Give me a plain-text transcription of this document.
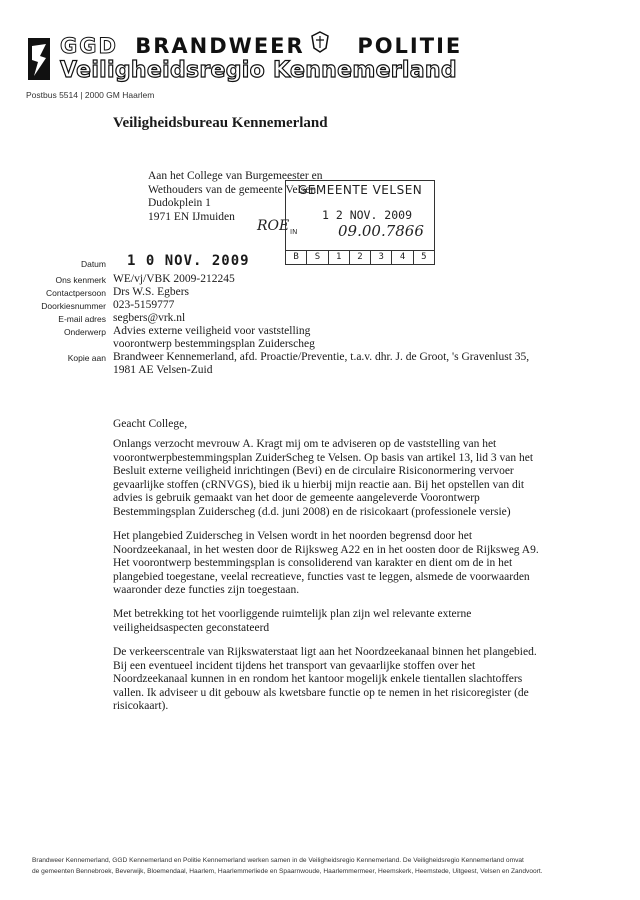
GGD BRANDWEER	POLITIE
Veiligheidsregio Kennemerland
Postbus 5514 | 2000 GM Haarlem
Veiligheidsbureau Kennemerland
Aan het College van Burgemeester en
Wethouders van de gemeente Velsen
Dudokplein 1
1971 EN IJmuiden
GEMEENTE VELSEN
1 2 NOV. 2009
IN	09.00.7866
B	S	1	2	3	4	5
ROE
Datum 1 0 NOV. 2009
Ons kenmerk WE/vj/VBK 2009-212245
Contactpersoon Drs W.S. Egbers
Doorkiesnummer 023-5159777
E-mail adres segbers@vrk.nl
Onderwerp Advies externe veiligheid voor vaststelling
voorontwerp bestemmingsplan Zuiderscheg
Kopie aan Brandweer Kennemerland, afd. Proactie/Preventie, t.a.v. dhr. J. de Groot, 's Gravenlust 35,
1981 AE Velsen-Zuid
Geacht College,
Onlangs verzocht mevrouw A. Kragt mij om te adviseren op de vaststelling van het
voorontwerpbestemmingsplan ZuiderScheg te Velsen. Op basis van artikel 13, lid 3 van het
Besluit externe veiligheid inrichtingen (Bevi) en de circulaire Risiconormering vervoer
gevaarlijke stoffen (cRNVGS), bied ik u hierbij mijn reactie aan. Bij het opstellen van dit
advies is gebruik gemaakt van het door de gemeente aangeleverde Voorontwerp
Bestemmingsplan Zuiderscheg (d.d. juni 2008) en de risicokaart (professionele versie)
Het plangebied Zuiderscheg in Velsen wordt in het noorden begrensd door het
Noordzeekanaal, in het westen door de Rijksweg A22 en in het oosten door de Rijksweg A9.
Het voorontwerp bestemmingsplan is consoliderend van karakter en dient om de in het
plangebied toegestane, veelal recreatieve, functies vast te leggen, alsmede de voorwaarden
waaronder deze functies zijn toegestaan.
Met betrekking tot het voorliggende ruimtelijk plan zijn wel relevante externe
veiligheidsaspecten geconstateerd
De verkeerscentrale van Rijkswaterstaat ligt aan het Noordzeekanaal binnen het plangebied.
Bij een eventueel incident tijdens het transport van gevaarlijke stoffen over het
Noordzeekanaal kunnen in en rondom het kantoor mogelijk enkele tientallen slachtoffers
vallen. Ik adviseer u dit gebouw als kwetsbare functie op te nemen in het risicoregister (de
risicokaart).
Brandweer Kennemerland, GGD Kennemerland en Politie Kennemerland werken samen in de Veiligheidsregio Kennemerland. De Veiligheidsregio Kennemerland omvat
de gemeenten Bennebroek, Beverwijk, Bloemendaal, Haarlem, Haarlemmerliede en Spaarnwoude, Haarlemmermeer, Heemskerk, Heemstede, Uitgeest, Velsen en Zandvoort.
